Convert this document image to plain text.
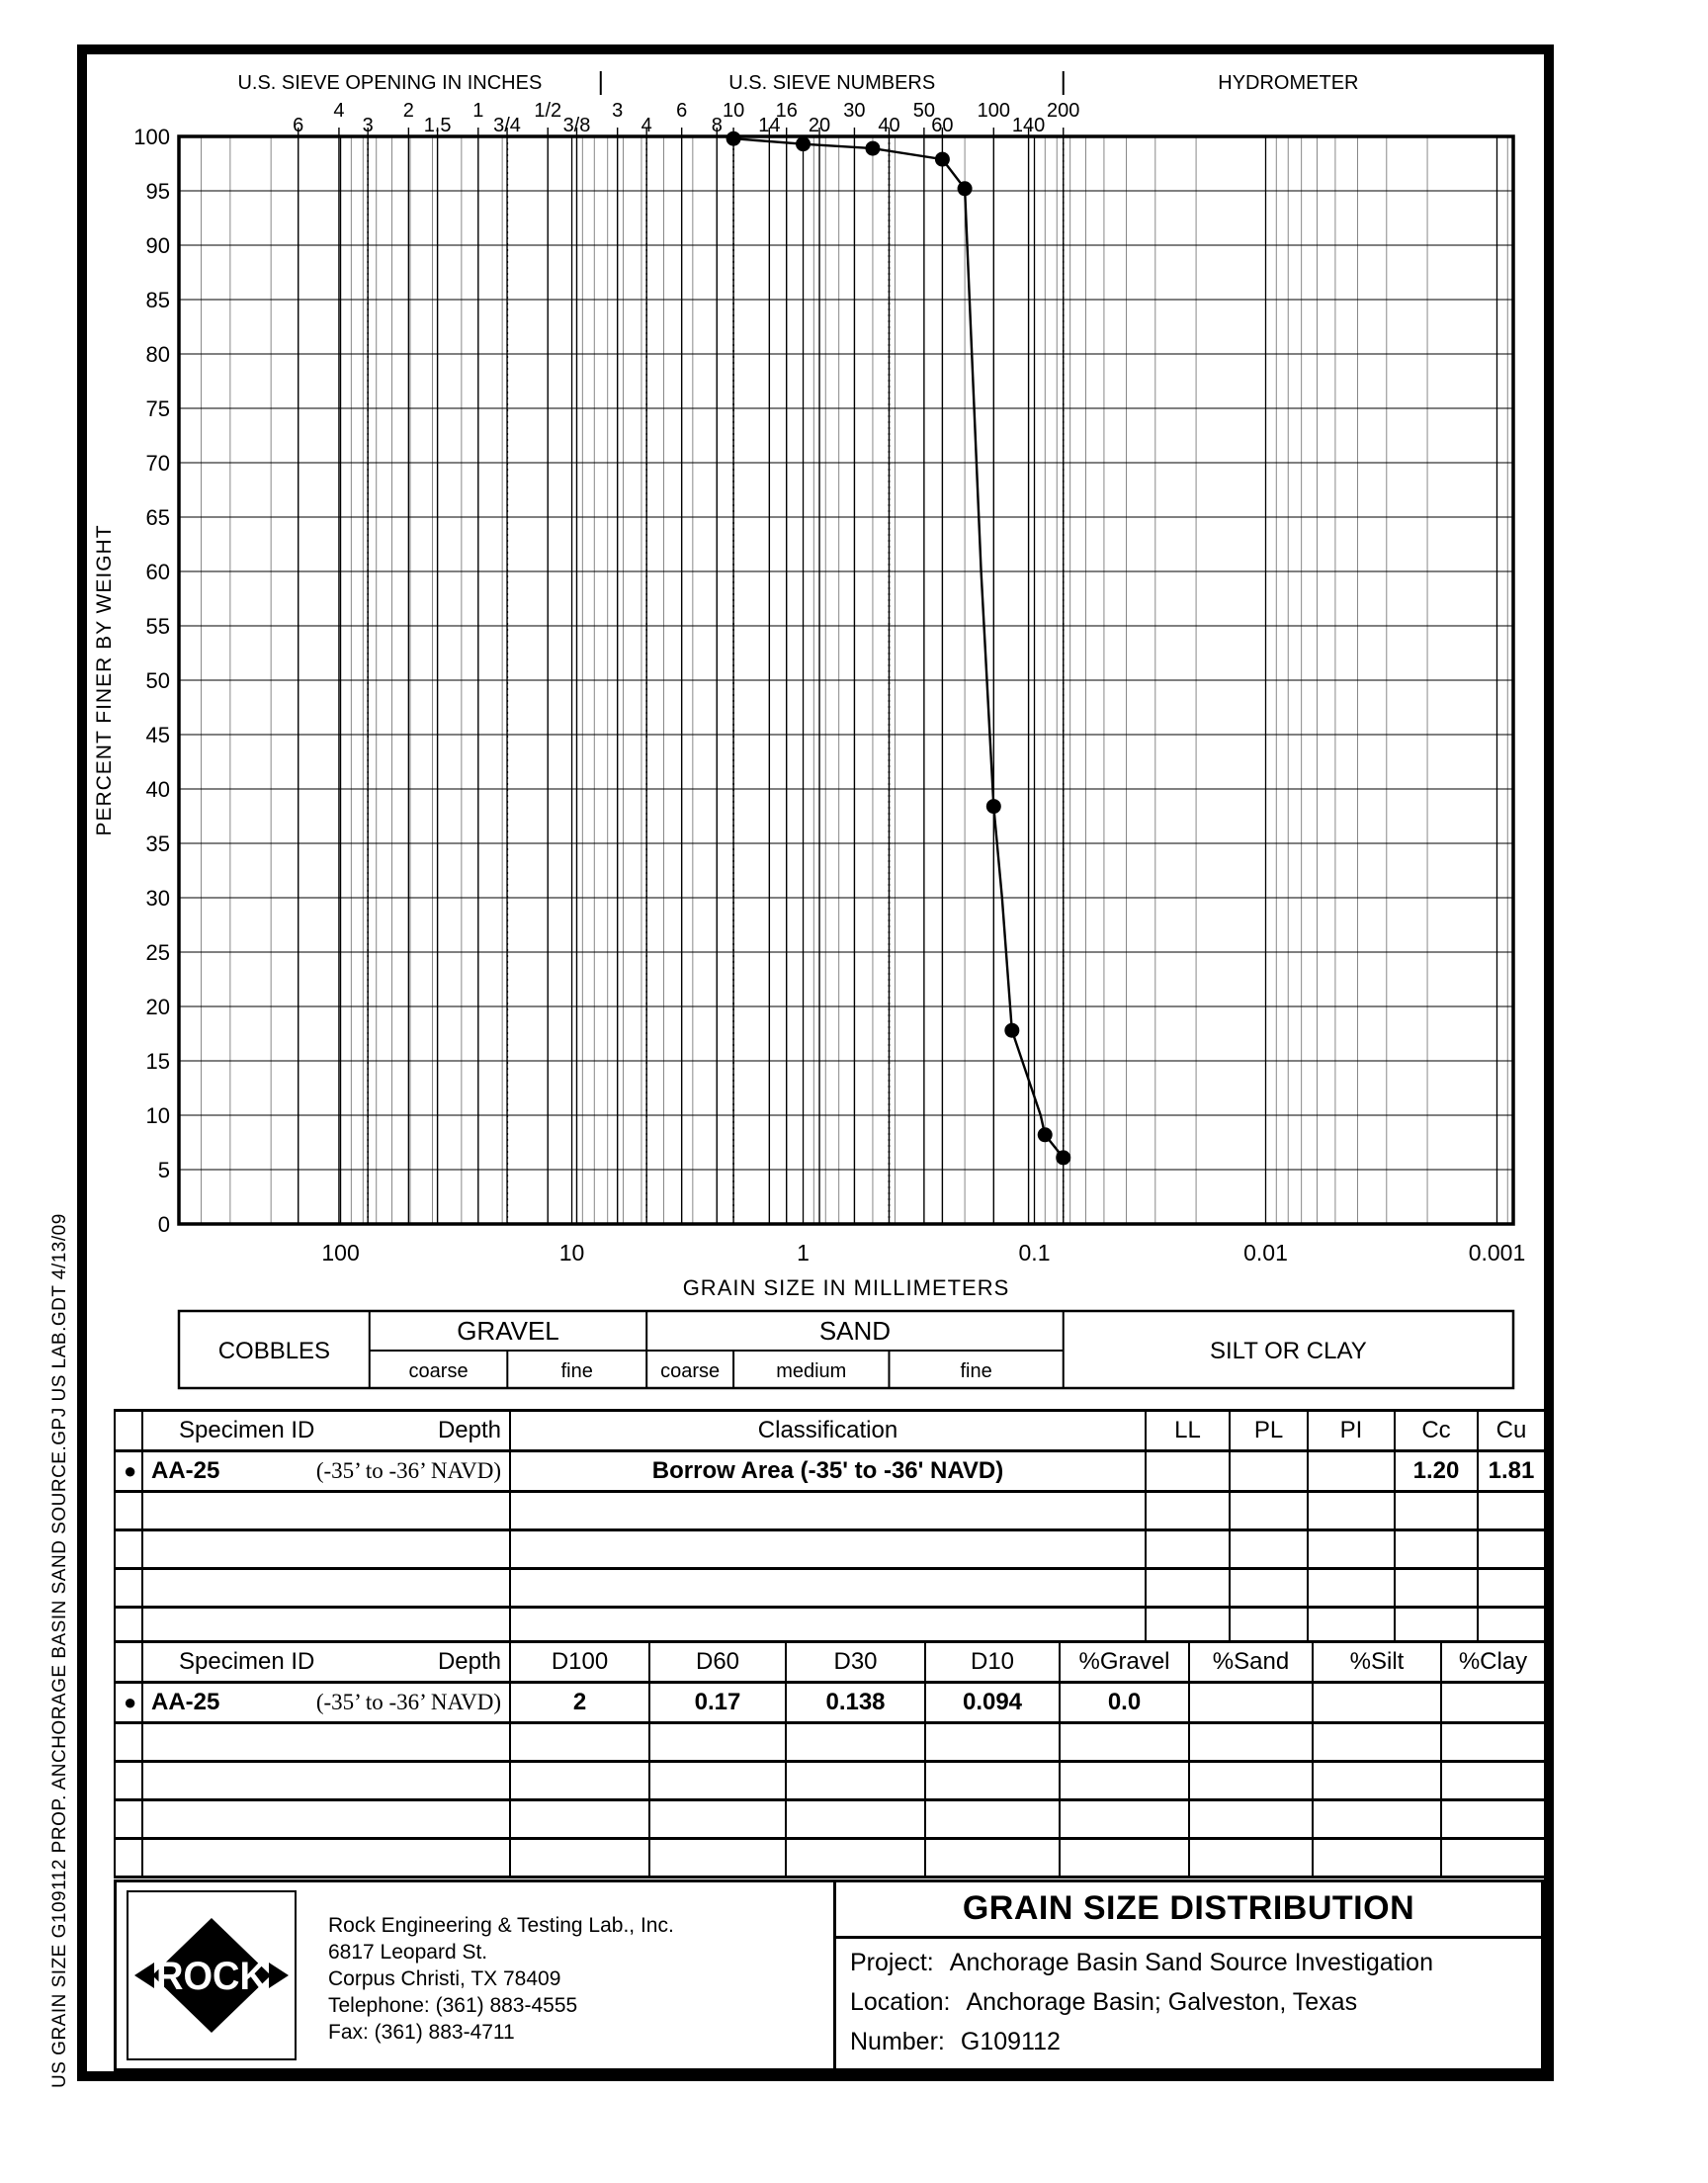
6
4
3
2
1.5
1
3/4
1/2
3/8
3
4
6
8
10
14
16
20
30
40
50
60
100
140
200
U.S. SIEVE OPENING IN INCHES	U.S. SIEVE NUMBERS	HYDROMETER
0
5
10
15
20
25
30
35
40
45
50
55
60
65
70
75
80
85
90
95
100
PERCENT FINER BY WEIGHT
100	10	1	0.1	0.01	0.001
GRAIN SIZE IN MILLIMETERS
COBBLES
GRAVEL
coarse	fine
SAND
coarse	medium	fine
SILT OR CLAY
US GRAIN SIZE G109112 PROP. ANCHORAGE BASIN SAND SOURCE.GPJ US LAB.GDT 4/13/09

	Specimen ID Depth	Classification	LL	PL	PI	Cc	Cu
●	AA-25 (-35’ to -36’ NAVD)	Borrow Area (-35' to -36' NAVD)				1.20	1.81

	Specimen ID Depth	D100	D60	D30	D10	%Gravel	%Sand	%Silt	%Clay
●	AA-25 (-35’ to -36’ NAVD)	2	0.17	0.138	0.094	0.0			

ROCK
Rock Engineering & Testing Lab., Inc.
6817 Leopard St.
Corpus Christi, TX 78409
Telephone: (361) 883-4555
Fax: (361) 883-4711
GRAIN SIZE DISTRIBUTION
Project: Anchorage Basin Sand Source Investigation
Location: Anchorage Basin; Galveston, Texas
Number: G109112
